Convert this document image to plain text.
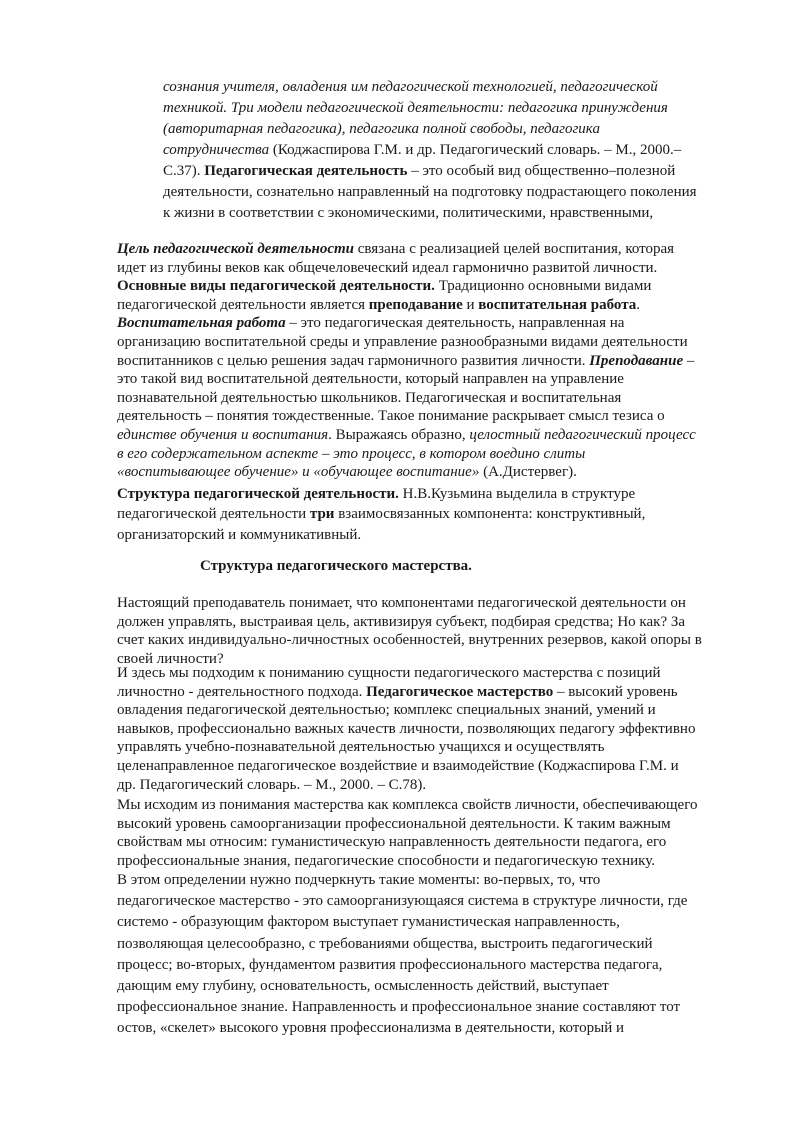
сознания учителя, овладения им педагогической технологией, педагогической
техникой. Три модели педагогической деятельности: педагогика принуждения
(авторитарная педагогика), педагогика полной свободы, педагогика
сотрудничества (Коджаспирова Г.М. и др. Педагогический словарь. – М., 2000.–
С.37). Педагогическая деятельность – это особый вид общественно–полезной
деятельности, сознательно направленный на подготовку подрастающего поколения
к жизни в соответствии с экономическими, политическими, нравственными,
Цель педагогической деятельности связана с реализацией целей воспитания, которая
идет из глубины веков как общечеловеческий идеал гармонично развитой личности.
Основные виды педагогической деятельности. Традиционно основными видами
педагогической деятельности является преподавание и воспитательная работа.
Воспитательная работа – это педагогическая деятельность, направленная на
организацию воспитательной среды и управление разнообразными видами деятельности
воспитанников с целью решения задач гармоничного развития личности. Преподавание –
это такой вид воспитательной деятельности, который направлен на управление
познавательной деятельностью школьников. Педагогическая и воспитательная
деятельность – понятия тождественные. Такое понимание раскрывает смысл тезиса о
единстве обучения и воспитания. Выражаясь образно, целостный педагогический процесс
в его содержательном аспекте – это процесс, в котором воедино слиты
«воспитывающее обучение» и «обучающее воспитание» (А.Дистервег).
Структура педагогической деятельности. Н.В.Кузьмина выделила в структуре
педагогической деятельности три взаимосвязанных компонента: конструктивный,
организаторский и коммуникативный.
Структура педагогического мастерства.
Настоящий преподаватель понимает, что компонентами педагогической деятельности он
должен управлять, выстраивая цель, активизируя субъект, подбирая средства; Но как? За
счет каких индивидуально-личностных особенностей, внутренних резервов, какой опоры в
своей личности?
И здесь мы подходим к пониманию сущности педагогического мастерства с позиций
личностно - деятельностного подхода. Педагогическое мастерство – высокий уровень
овладения педагогической деятельностью; комплекс специальных знаний, умений и
навыков, профессионально важных качеств личности, позволяющих педагогу эффективно
управлять учебно-познавательной деятельностью учащихся и осуществлять
целенаправленное педагогическое воздействие и взаимодействие (Коджаспирова Г.М. и
др. Педагогический словарь. – М., 2000. – С.78).
Мы исходим из понимания мастерства как комплекса свойств личности, обеспечивающего
высокий уровень самоорганизации профессиональной деятельности. К таким важным
свойствам мы относим: гуманистическую направленность деятельности педагога, его
профессиональные знания, педагогические способности и педагогическую технику.
В этом определении нужно подчеркнуть такие моменты: во-первых, то, что
педагогическое мастерство - это самоорганизующаяся система в структуре личности, где
системо - образующим фактором выступает гуманистическая направленность,
позволяющая целесообразно, с требованиями общества, выстроить педагогический
процесс; во-вторых, фундаментом развития профессионального мастерства педагога,
дающим ему глубину, основательность, осмысленность действий, выступает
профессиональное знание. Направленность и профессиональное знание составляют тот
остов, «скелет» высокого уровня профессионализма в деятельности, который и
